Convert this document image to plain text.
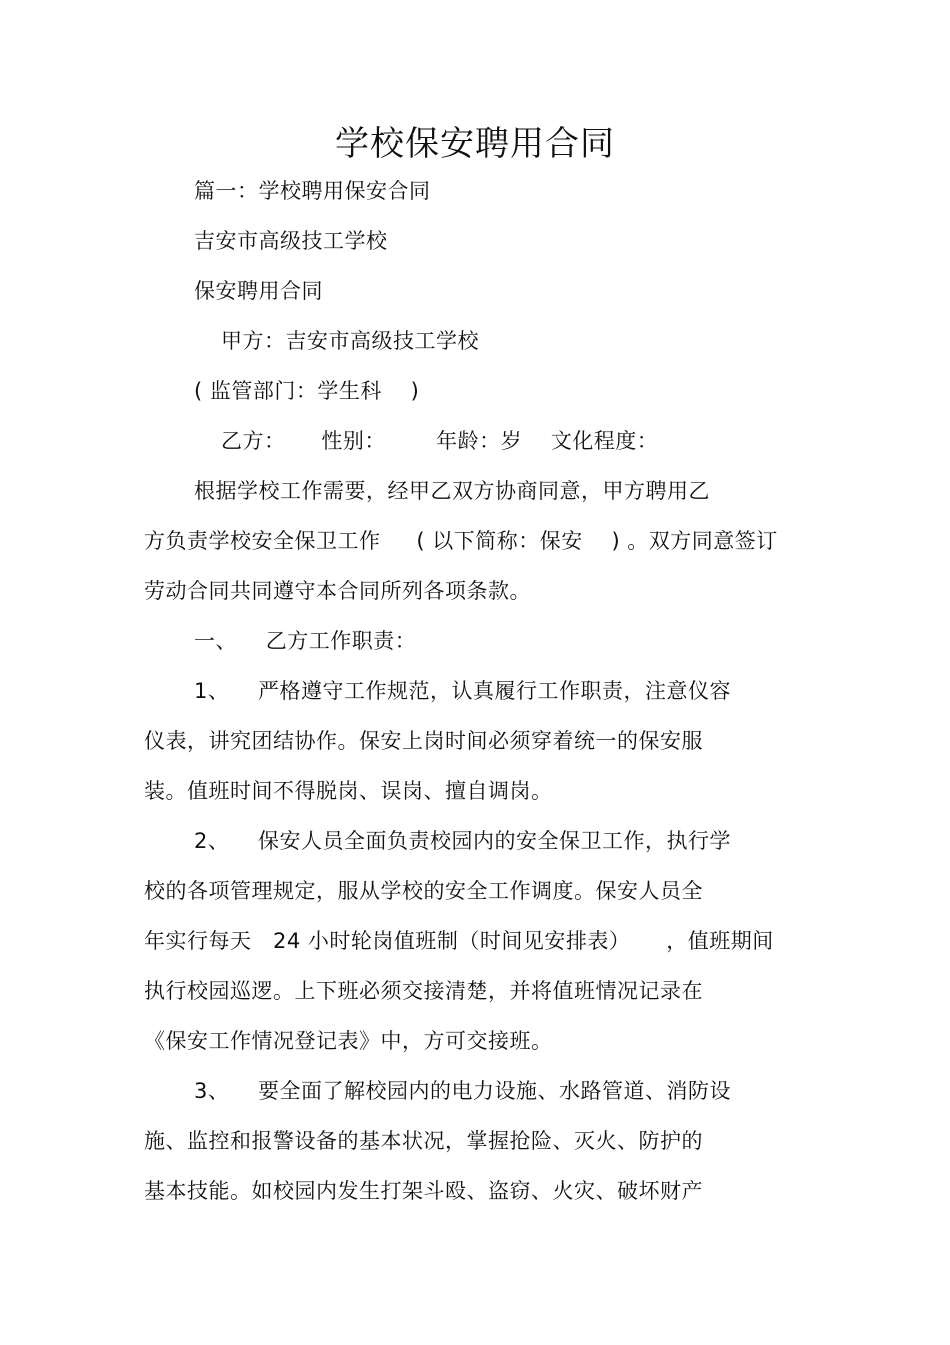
学校保安聘用合同
篇一：学校聘用保安合同
吉安市高级技工学校
保安聘用合同
甲方：吉安市高级技工学校
( 监管部门：学生科    )
乙方：     性别：       年龄：岁    文化程度：
根据学校工作需要，经甲乙双方协商同意，甲方聘用乙
方负责学校安全保卫工作     ( 以下简称：保安    ) 。双方同意签订
劳动合同共同遵守本合同所列各项条款。
一、    乙方工作职责：
1、    严格遵守工作规范，认真履行工作职责，注意仪容
仪表，讲究团结协作。保安上岗时间必须穿着统一的保安服
装。值班时间不得脱岗、误岗、擅自调岗。
2、    保安人员全面负责校园内的安全保卫工作，执行学
校的各项管理规定，服从学校的安全工作调度。保安人员全
年实行每天   24 小时轮岗值班制（时间见安排表）     ，值班期间
执行校园巡逻。上下班必须交接清楚，并将值班情况记录在
《保安工作情况登记表》中，方可交接班。
3、    要全面了解校园内的电力设施、水路管道、消防设
施、监控和报警设备的基本状况，掌握抢险、灭火、防护的
基本技能。如校园内发生打架斗殴、盗窃、火灾、破坏财产
